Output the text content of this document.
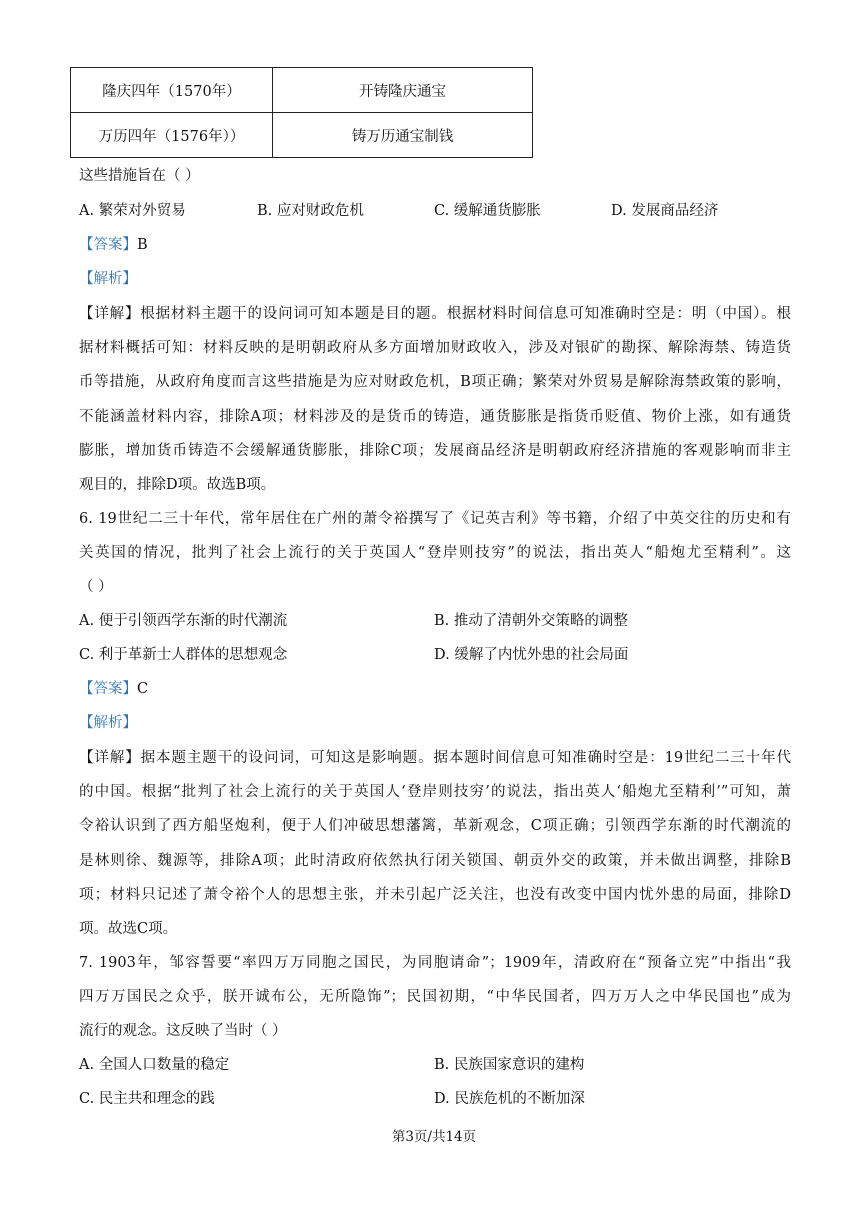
隆庆四年（1570年）	开铸隆庆通宝
万历四年（1576年））	铸万历通宝制钱
这些措施旨在（ ）
A. 繁荣对外贸易	B. 应对财政危机	C. 缓解通货膨胀	D. 发展商品经济
【答案】B
【解析】
【详解】根据材料主题干的设问词可知本题是目的题。根据材料时间信息可知准确时空是：明（中国）。根
据材料概括可知：材料反映的是明朝政府从多方面增加财政收入，涉及对银矿的勘探、解除海禁、铸造货
币等措施，从政府角度而言这些措施是为应对财政危机，B项正确；繁荣对外贸易是解除海禁政策的影响，
不能涵盖材料内容，排除A项；材料涉及的是货币的铸造，通货膨胀是指货币贬值、物价上涨，如有通货
膨胀，增加货币铸造不会缓解通货膨胀，排除C项；发展商品经济是明朝政府经济措施的客观影响而非主
观目的，排除D项。故选B项。
6. 19世纪二三十年代，常年居住在广州的萧令裕撰写了《记英吉利》等书籍，介绍了中英交往的历史和有
关英国的情况，批判了社会上流行的关于英国人“登岸则技穷”的说法，指出英人“船炮尤至精利”。这
（ ）
A. 便于引领西学东渐的时代潮流	B. 推动了清朝外交策略的调整
C. 利于革新士人群体的思想观念	D. 缓解了内忧外患的社会局面
【答案】C
【解析】
【详解】据本题主题干的设问词，可知这是影响题。据本题时间信息可知准确时空是：19世纪二三十年代
的中国。根据“批判了社会上流行的关于英国人‘登岸则技穷’的说法，指出英人‘船炮尤至精利’”可知，萧
令裕认识到了西方船坚炮利，便于人们冲破思想藩篱，革新观念，C项正确；引领西学东渐的时代潮流的
是林则徐、魏源等，排除A项；此时清政府依然执行闭关锁国、朝贡外交的政策，并未做出调整，排除B
项；材料只记述了萧令裕个人的思想主张，并未引起广泛关注，也没有改变中国内忧外患的局面，排除D
项。故选C项。
7. 1903年，邹容誓要“率四万万同胞之国民，为同胞请命”；1909年，清政府在“预备立宪”中指出“我
四万万国民之众乎，朕开诚布公，无所隐饰”；民国初期，“中华民国者，四万万人之中华民国也”成为
流行的观念。这反映了当时（ ）
A. 全国人口数量的稳定	B. 民族国家意识的建构
C. 民主共和理念的践	D. 民族危机的不断加深
第3页/共14页
